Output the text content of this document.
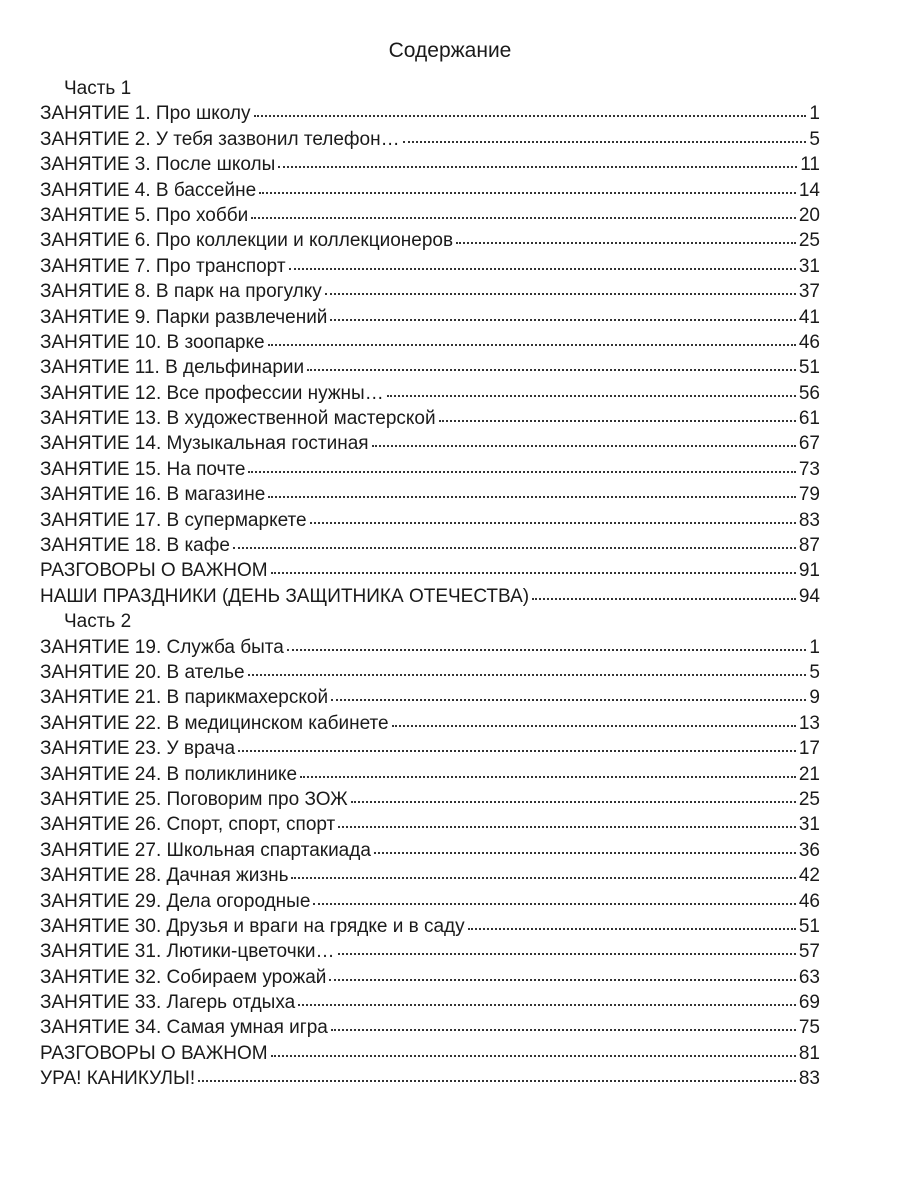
Содержание
Часть 1
ЗАНЯТИЕ 1. Про школу	1
ЗАНЯТИЕ 2. У тебя зазвонил телефон…	5
ЗАНЯТИЕ 3. После школы	11
ЗАНЯТИЕ 4. В бассейне	14
ЗАНЯТИЕ 5. Про хобби	20
ЗАНЯТИЕ 6. Про коллекции и коллекционеров	25
ЗАНЯТИЕ 7. Про транспорт	31
ЗАНЯТИЕ 8. В парк на прогулку	37
ЗАНЯТИЕ 9. Парки развлечений	41
ЗАНЯТИЕ 10. В зоопарке	46
ЗАНЯТИЕ 11. В дельфинарии	51
ЗАНЯТИЕ 12. Все профессии нужны…	56
ЗАНЯТИЕ 13. В художественной мастерской	61
ЗАНЯТИЕ 14. Музыкальная гостиная	67
ЗАНЯТИЕ 15. На почте	73
ЗАНЯТИЕ 16. В магазине	79
ЗАНЯТИЕ 17. В супермаркете	83
ЗАНЯТИЕ 18. В кафе	87
РАЗГОВОРЫ О ВАЖНОМ	91
НАШИ ПРАЗДНИКИ (ДЕНЬ ЗАЩИТНИКА ОТЕЧЕСТВА)	94
Часть 2
ЗАНЯТИЕ 19. Служба быта	1
ЗАНЯТИЕ 20. В ателье	5
ЗАНЯТИЕ 21. В парикмахерской	9
ЗАНЯТИЕ 22. В медицинском кабинете	13
ЗАНЯТИЕ 23. У врача	17
ЗАНЯТИЕ 24. В поликлинике	21
ЗАНЯТИЕ 25. Поговорим про ЗОЖ	25
ЗАНЯТИЕ 26. Спорт, спорт, спорт	31
ЗАНЯТИЕ 27. Школьная спартакиада	36
ЗАНЯТИЕ 28. Дачная жизнь	42
ЗАНЯТИЕ 29. Дела огородные	46
ЗАНЯТИЕ 30. Друзья и враги на грядке и в саду	51
ЗАНЯТИЕ 31. Лютики-цветочки…	57
ЗАНЯТИЕ 32. Собираем урожай	63
ЗАНЯТИЕ 33. Лагерь отдыха	69
ЗАНЯТИЕ 34. Самая умная игра	75
РАЗГОВОРЫ О ВАЖНОМ	81
УРА! КАНИКУЛЫ!	83
